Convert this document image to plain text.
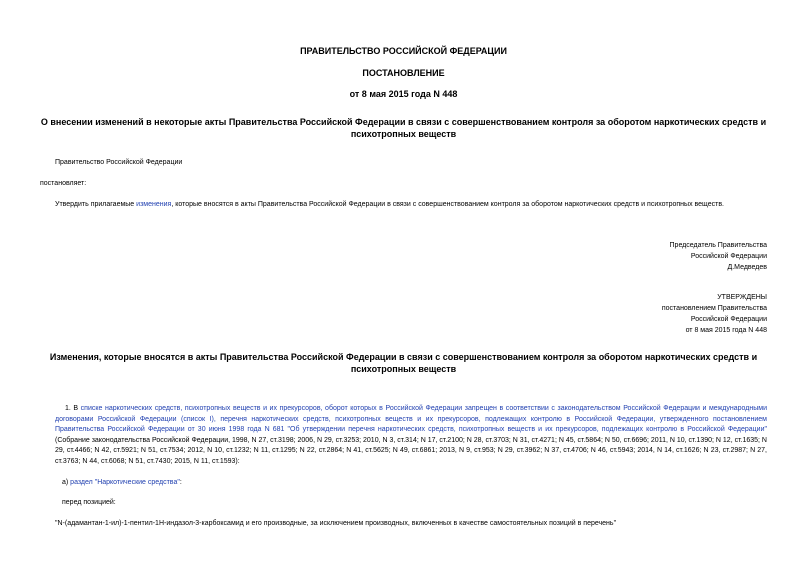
ПРАВИТЕЛЬСТВО РОССИЙСКОЙ ФЕДЕРАЦИИ
ПОСТАНОВЛЕНИЕ
от 8 мая 2015 года N 448
О внесении изменений в некоторые акты Правительства Российской Федерации в связи с совершенствованием контроля за оборотом наркотических средств и
психотропных веществ
Правительство Российской Федерации
постановляет:
Утвердить прилагаемые изменения, которые вносятся в акты Правительства Российской Федерации в связи с совершенствованием контроля за оборотом наркотических средств и психотропных веществ.
Председатель Правительства
Российской Федерации
Д.Медведев
УТВЕРЖДЕНЫ
постановлением Правительства
Российской Федерации
от 8 мая 2015 года N 448
Изменения, которые вносятся в акты Правительства Российской Федерации в связи с совершенствованием контроля за оборотом наркотических средств и
психотропных веществ
1. В списке наркотических средств, психотропных веществ и их прекурсоров, оборот которых в Российской Федерации запрещен в соответствии с законодательством Российской Федерации и международными договорами Российской Федерации (список I), перечня наркотических средств, психотропных веществ и их прекурсоров, подлежащих контролю в Российской Федерации, утвержденного постановлением Правительства Российской Федерации от 30 июня 1998 года N 681 "Об утверждении перечня наркотических средств, психотропных веществ и их прекурсоров, подлежащих контролю в Российской Федерации" (Собрание законодательства Российской Федерации, 1998, N 27, ст.3198; 2006, N 29, ст.3253; 2010, N 3, ст.314; N 17, ст.2100; N 28, ст.3703; N 31, ст.4271; N 45, ст.5864; N 50, ст.6696; 2011, N 10, ст.1390; N 12, ст.1635; N 29, ст.4466; N 42, ст.5921; N 51, ст.7534; 2012, N 10, ст.1232; N 11, ст.1295; N 22, ст.2864; N 41, ст.5625; N 49, ст.6861; 2013, N 9, ст.953; N 29, ст.3962; N 37, ст.4706; N 46, ст.5943; 2014, N 14, ст.1626; N 23, ст.2987; N 27, ст.3763; N 44, ст.6068; N 51, ст.7430; 2015, N 11, ст.1593):
а) раздел "Наркотические средства":
перед позицией:
"N-(адамантан-1-ил)-1-пентил-1Н-индазол-3-карбоксамид и его производные, за исключением производных, включенных в качестве самостоятельных позиций в перечень"
